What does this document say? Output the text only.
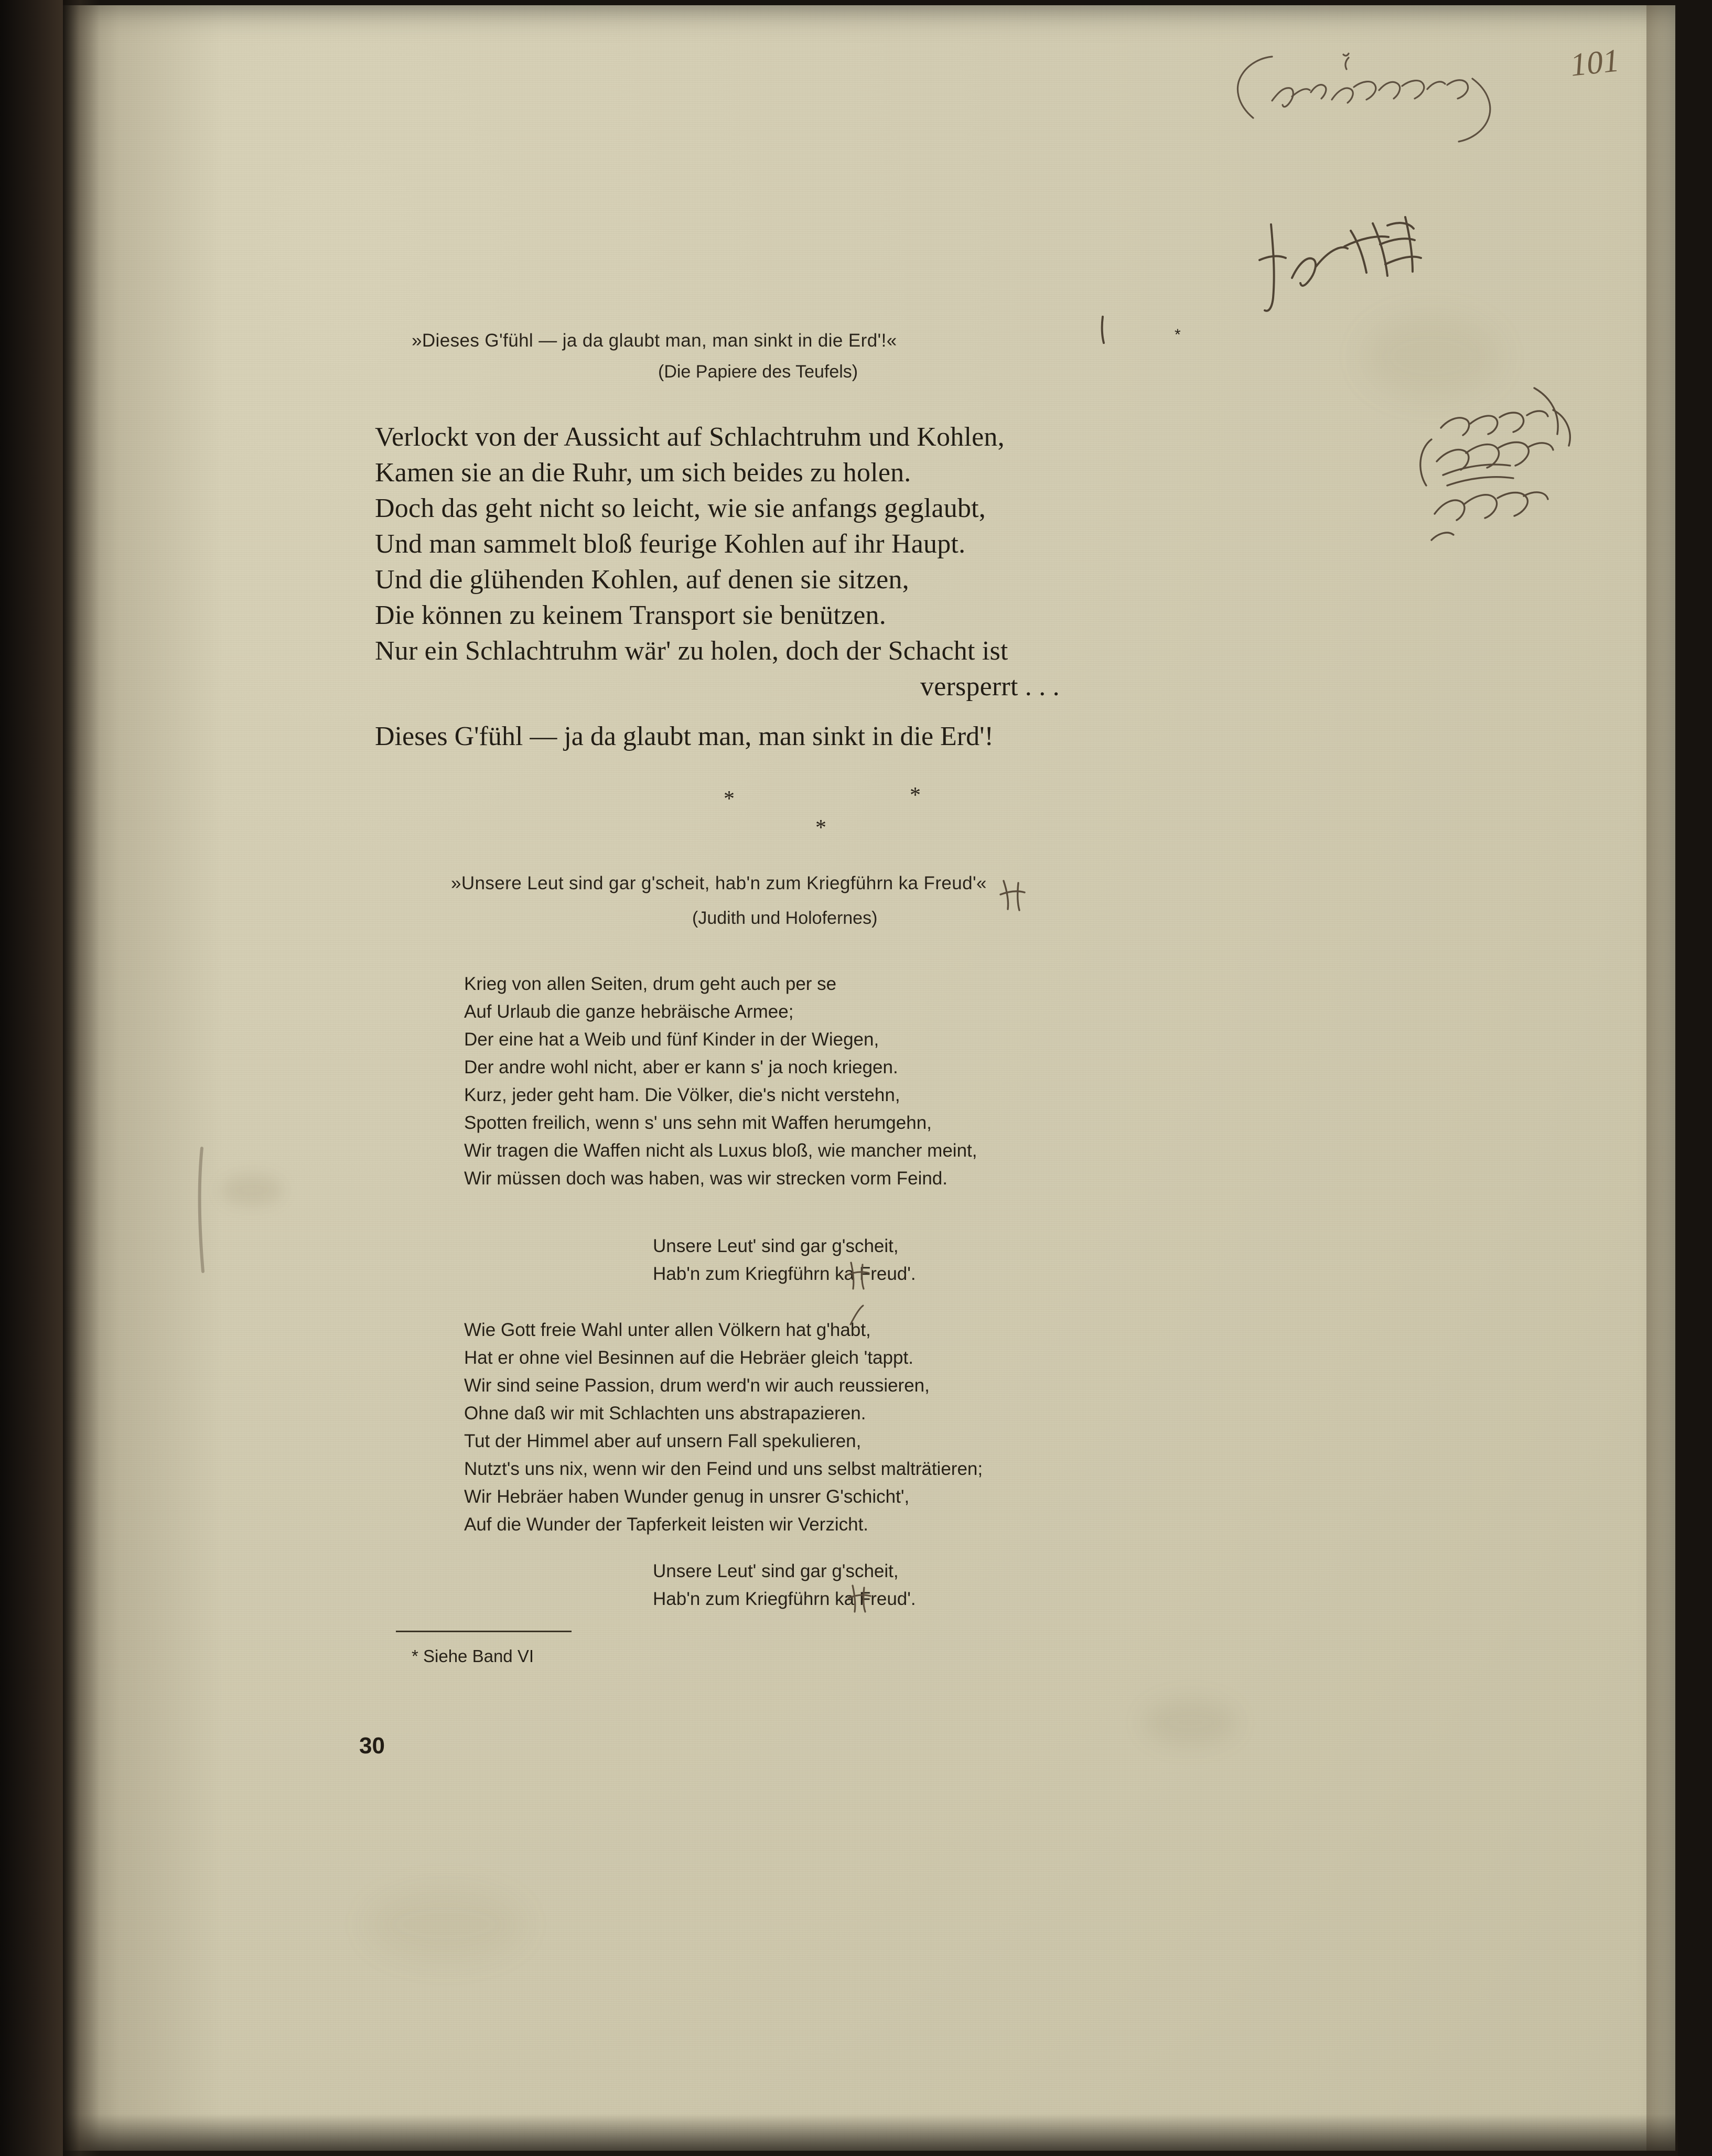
»Dieses G'fühl — ja da glaubt man, man sinkt in die Erd'!«	*
(Die Papiere des Teufels)
Verlockt von der Aussicht auf Schlachtruhm und Kohlen,
Kamen sie an die Ruhr, um sich beides zu holen.
Doch das geht nicht so leicht, wie sie anfangs geglaubt,
Und man sammelt bloß feurige Kohlen auf ihr Haupt.
Und die glühenden Kohlen, auf denen sie sitzen,
Die können zu keinem Transport sie benützen.
Nur ein Schlachtruhm wär' zu holen, doch der Schacht ist
versperrt . . .
Dieses G'fühl — ja da glaubt man, man sinkt in die Erd'!
*	*
*
»Unsere Leut sind gar g'scheit, hab'n zum Kriegführn ka Freud'«
(Judith und Holofernes)
Krieg von allen Seiten, drum geht auch per se
Auf Urlaub die ganze hebräische Armee;
Der eine hat a Weib und fünf Kinder in der Wiegen,
Der andre wohl nicht, aber er kann s' ja noch kriegen.
Kurz, jeder geht ham. Die Völker, die's nicht verstehn,
Spotten freilich, wenn s' uns sehn mit Waffen herumgehn,
Wir tragen die Waffen nicht als Luxus bloß, wie mancher meint,
Wir müssen doch was haben, was wir strecken vorm Feind.
Unsere Leut' sind gar g'scheit,
Hab'n zum Kriegführn ka Freud'.
Wie Gott freie Wahl unter allen Völkern hat g'habt,
Hat er ohne viel Besinnen auf die Hebräer gleich 'tappt.
Wir sind seine Passion, drum werd'n wir auch reussieren,
Ohne daß wir mit Schlachten uns abstrapazieren.
Tut der Himmel aber auf unsern Fall spekulieren,
Nutzt's uns nix, wenn wir den Feind und uns selbst malträtieren;
Wir Hebräer haben Wunder genug in unsrer G'schicht',
Auf die Wunder der Tapferkeit leisten wir Verzicht.
Unsere Leut' sind gar g'scheit,
Hab'n zum Kriegführn ka Freud'.
* Siehe Band VI
30
101
